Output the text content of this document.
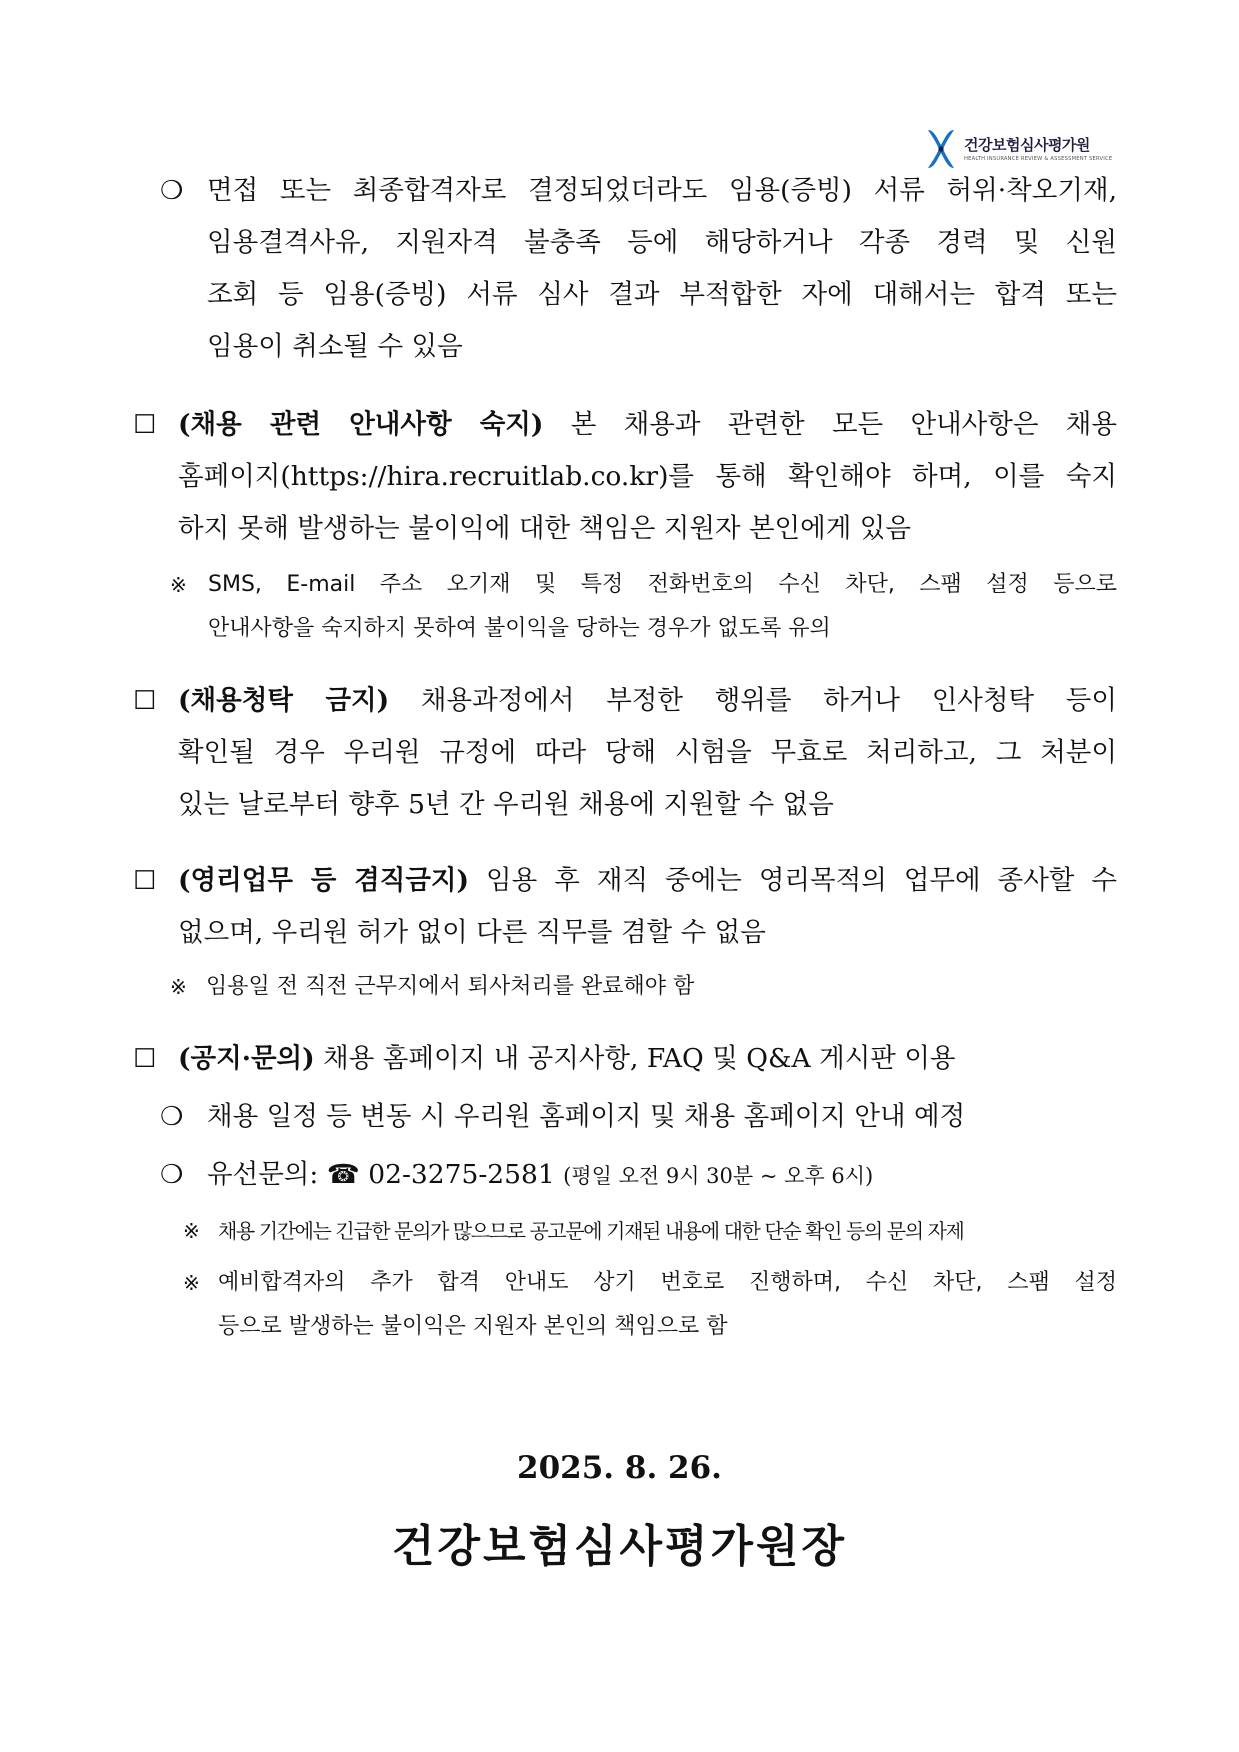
건강보험심사평가원
HEALTH INSURANCE REVIEW & ASSESSMENT SERVICE
❍ 면접 또는 최종합격자로 결정되었더라도 임용(증빙) 서류 허위·착오기재,
임용결격사유, 지원자격 불충족 등에 해당하거나 각종 경력 및 신원
조회 등 임용(증빙) 서류 심사 결과 부적합한 자에 대해서는 합격 또는
임용이 취소될 수 있음
☐ (채용 관련 안내사항 숙지) 본 채용과 관련한 모든 안내사항은 채용
홈페이지(https://hira.recruitlab.co.kr)를 통해 확인해야 하며, 이를 숙지
하지 못해 발생하는 불이익에 대한 책임은 지원자 본인에게 있음
※ SMS, E-mail 주소 오기재 및 특정 전화번호의 수신 차단, 스팸 설정 등으로
안내사항을 숙지하지 못하여 불이익을 당하는 경우가 없도록 유의
☐ (채용청탁 금지) 채용과정에서 부정한 행위를 하거나 인사청탁 등이
확인될 경우 우리원 규정에 따라 당해 시험을 무효로 처리하고, 그 처분이
있는 날로부터 향후 5년 간 우리원 채용에 지원할 수 없음
☐ (영리업무 등 겸직금지) 임용 후 재직 중에는 영리목적의 업무에 종사할 수
없으며, 우리원 허가 없이 다른 직무를 겸할 수 없음
※ 임용일 전 직전 근무지에서 퇴사처리를 완료해야 함
☐ (공지·문의) 채용 홈페이지 내 공지사항, FAQ 및 Q&A 게시판 이용
❍ 채용 일정 등 변동 시 우리원 홈페이지 및 채용 홈페이지 안내 예정
❍ 유선문의: ☎ 02-3275-2581 (평일 오전 9시 30분 ~ 오후 6시)
※ 채용 기간에는 긴급한 문의가 많으므로 공고문에 기재된 내용에 대한 단순 확인 등의 문의 자제
※ 예비합격자의 추가 합격 안내도 상기 번호로 진행하며, 수신 차단, 스팸 설정
등으로 발생하는 불이익은 지원자 본인의 책임으로 함
2025. 8. 26.
건강보험심사평가원장
